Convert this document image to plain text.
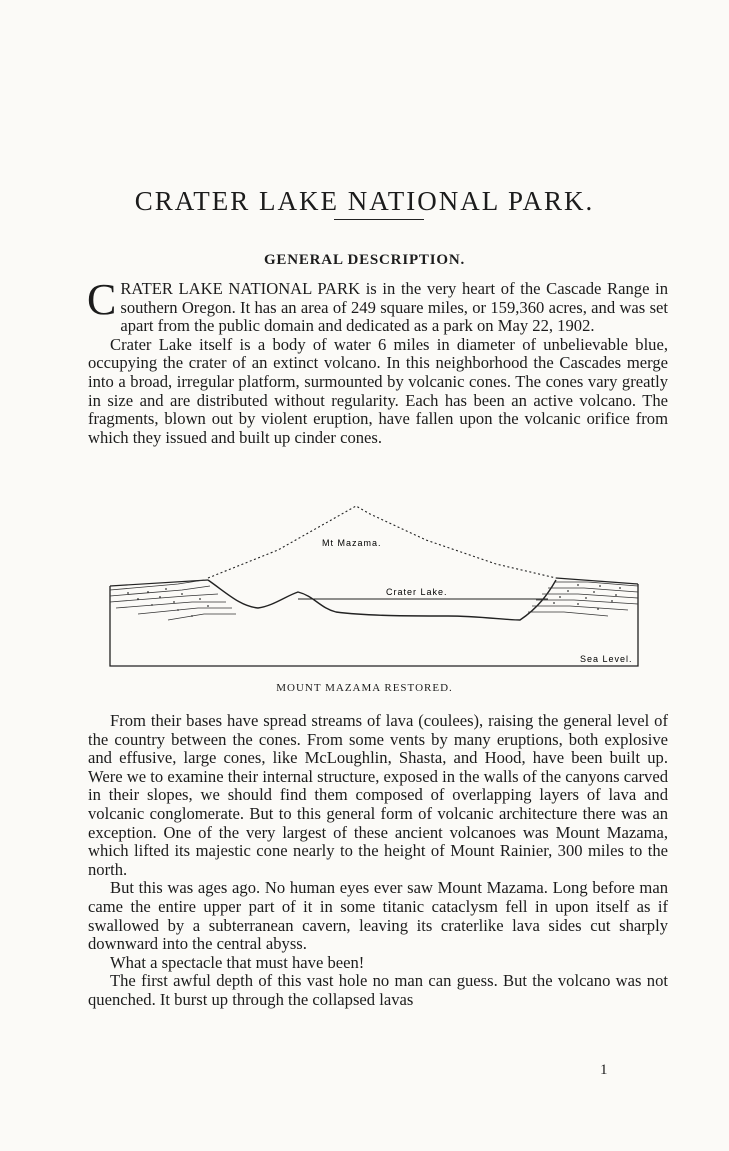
CRATER LAKE NATIONAL PARK.
GENERAL DESCRIPTION.

CRATER LAKE NATIONAL PARK is in the very heart of the Cascade Range in southern Oregon. It has an area of 249 square miles, or 159,360 acres, and was set apart from the public domain and dedicated as a park on May 22, 1902.

Crater Lake itself is a body of water 6 miles in diameter of unbelievable blue, occupying the crater of an extinct volcano. In this neighborhood the Cascades merge into a broad, irregular platform, surmounted by volcanic cones. The cones vary greatly in size and are distributed without regularity. Each has been an active volcano. The fragments, blown out by violent eruption, have fallen upon the volcanic orifice from which they issued and built up cinder cones.

Mt Mazama.
Crater Lake.
Sea Level.
MOUNT MAZAMA RESTORED.

From their bases have spread streams of lava (coulees), raising the general level of the country between the cones. From some vents by many eruptions, both explosive and effusive, large cones, like McLoughlin, Shasta, and Hood, have been built up. Were we to examine their internal structure, exposed in the walls of the canyons carved in their slopes, we should find them composed of overlapping layers of lava and volcanic conglomerate. But to this general form of volcanic architecture there was an exception. One of the very largest of these ancient volcanoes was Mount Mazama, which lifted its majestic cone nearly to the height of Mount Rainier, 300 miles to the north.

But this was ages ago. No human eyes ever saw Mount Mazama. Long before man came the entire upper part of it in some titanic cataclysm fell in upon itself as if swallowed by a subterranean cavern, leaving its craterlike lava sides cut sharply downward into the central abyss.

What a spectacle that must have been!

The first awful depth of this vast hole no man can guess. But the volcano was not quenched. It burst up through the collapsed lavas

1
